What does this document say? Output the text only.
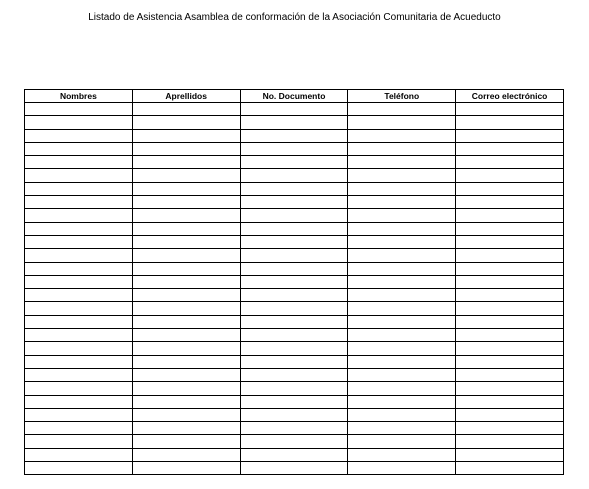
Listado de Asistencia Asamblea de conformación de la Asociación Comunitaria de Acueducto
Nombres	Aprellidos	No. Documento	Teléfono	Correo electrónico
